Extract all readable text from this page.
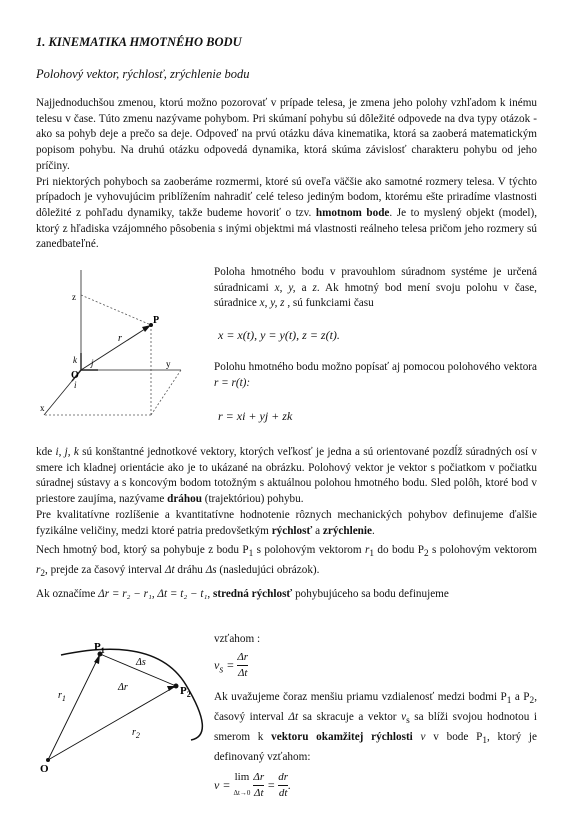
1. KINEMATIKA HMOTNÉHO BODU
Polohový vektor, rýchlosť, zrýchlenie bodu

Najjednoduchšou zmenou, ktorú možno pozorovať v prípade telesa, je zmena jeho polohy vzhľadom k inému telesu v čase. Túto zmenu nazývame pohybom. Pri skúmaní pohybu sú dôležité odpovede na dva typy otázok - ako sa pohyb deje a prečo sa deje. Odpoveď na prvú otázku dáva kinematika, ktorá sa zaoberá matematickým popisom pohybu. Na druhú otázku odpovedá dynamika, ktorá skúma závislosť charakteru pohybu od jeho príčiny.

Pri niektorých pohyboch sa zaoberáme rozmermi, ktoré sú oveľa väčšie ako samotné rozmery telesa. V týchto prípadoch je vyhovujúcim priblížením nahradiť celé teleso jediným bodom, ktorému ešte priradíme vlastnosti dôležité z pohľadu dynamiky, takže budeme hovoriť o tzv. hmotnom bode. Je to myslený objekt (model), ktorý z hľadiska vzájomného pôsobenia s inými objektmi má vlastnosti reálneho telesa pričom jeho rozmery sú zanedbateľné.

z
y
x
P
O
r
i
j
k

Poloha hmotného bodu v pravouhlom súradnom systéme je určená súradnicami x, y, a z. Ak hmotný bod mení svoju polohu v čase, súradnice x, y, z , sú funkciami času

x = x(t), y = y(t), z = z(t).

Polohu hmotného bodu možno popísať aj pomocou polohového vektora r = r(t):

r = xi + yj + zk

kde i, j, k sú konštantné jednotkové vektory, ktorých veľkosť je jedna a sú orientované pozdĺž súradných osí v smere ich kladnej orientácie ako je to ukázané na obrázku. Polohový vektor je vektor s počiatkom v počiatku súradnej sústavy a s koncovým bodom totožným s aktuálnou polohou hmotného bodu. Sled polôh, ktoré bod v priestore zaujíma, nazývame dráhou (trajektóriou) pohybu.

Pre kvalitatívne rozlíšenie a kvantitatívne hodnotenie rôznych mechanických pohybov definujeme ďalšie fyzikálne veličiny, medzi ktoré patria predovšetkým rýchlosť a zrýchlenie.

Nech hmotný bod, ktorý sa pohybuje z bodu $P_1$ s polohovým vektorom $r_1$ do bodu $P_2$ s polohovým vektorom $r_2$, prejde za časový interval Δt dráhu Δs (nasledujúci obrázok).

Ak označíme Δr = r₂ − r₁, Δt = t₂ − t₁, stredná rýchlosť pohybujúceho sa bodu definujeme

$P_1$
$P_2$
Δs
Δr
$r_1$
$r_2$
O

vzťahom :

$v_s = \frac{\Delta r}{\Delta t}$

Ak uvažujeme čoraz menšiu priamu vzdialenosť medzi bodmi $P_1$ a $P_2$, časový interval Δt sa skracuje a vektor $v_s$ sa blíži svojou hodnotou i smerom k vektoru okamžitej rýchlosti v v bode $P_1$, ktorý je definovaný vzťahom:

v =
lim
Δt→0
$\frac{\Delta r}{\Delta t} = \frac{dr}{dt}$ .
